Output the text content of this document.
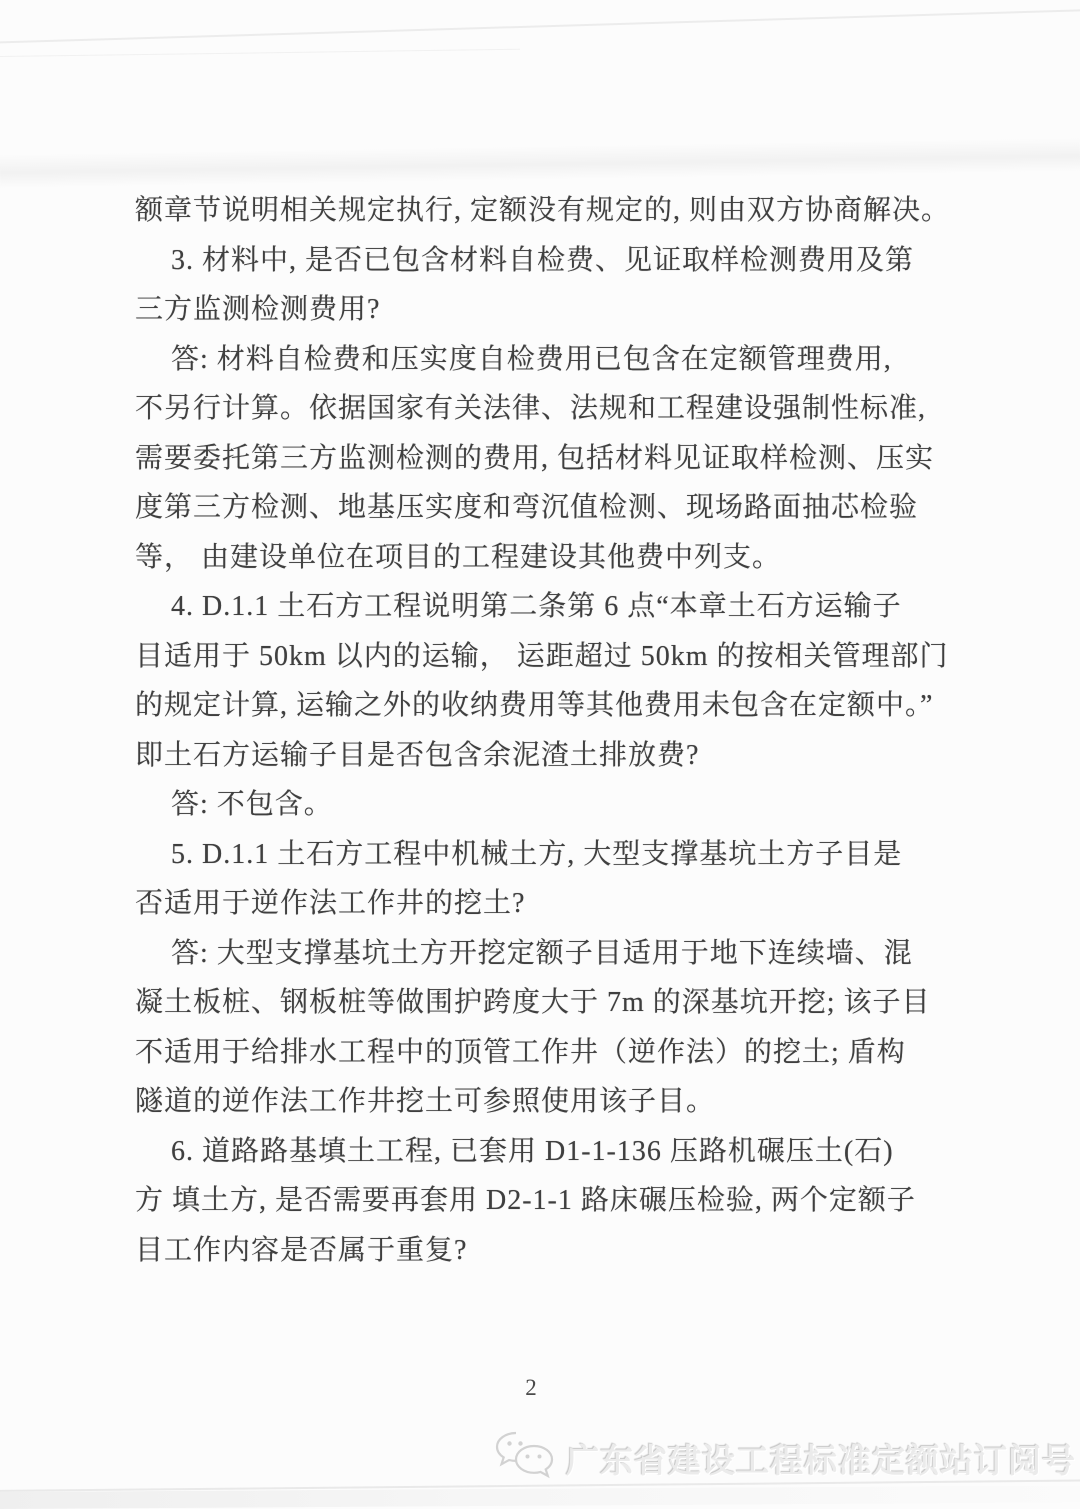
额章节说明相关规定执行, 定额没有规定的, 则由双方协商解决。
3. 材料中, 是否已包含材料自检费、见证取样检测费用及第
三方监测检测费用?
答: 材料自检费和压实度自检费用已包含在定额管理费用,
不另行计算。依据国家有关法律、法规和工程建设强制性标准,
需要委托第三方监测检测的费用, 包括材料见证取样检测、压实
度第三方检测、地基压实度和弯沉值检测、现场路面抽芯检验
等， 由建设单位在项目的工程建设其他费中列支。
4. D.1.1 土石方工程说明第二条第 6 点“本章土石方运输子
目适用于 50km 以内的运输， 运距超过 50km 的按相关管理部门
的规定计算, 运输之外的收纳费用等其他费用未包含在定额中。”
即土石方运输子目是否包含余泥渣土排放费?
答: 不包含。
5. D.1.1 土石方工程中机械土方, 大型支撑基坑土方子目是
否适用于逆作法工作井的挖土?
答: 大型支撑基坑土方开挖定额子目适用于地下连续墙、混
凝土板桩、钢板桩等做围护跨度大于 7m 的深基坑开挖; 该子目
不适用于给排水工程中的顶管工作井（逆作法）的挖土; 盾构
隧道的逆作法工作井挖土可参照使用该子目。
6. 道路路基填土工程, 已套用 D1-1-136 压路机碾压土(石)
方 填土方, 是否需要再套用 D2-1-1 路床碾压检验, 两个定额子
目工作内容是否属于重复?
2
广东省建设工程标准定额站订阅号
